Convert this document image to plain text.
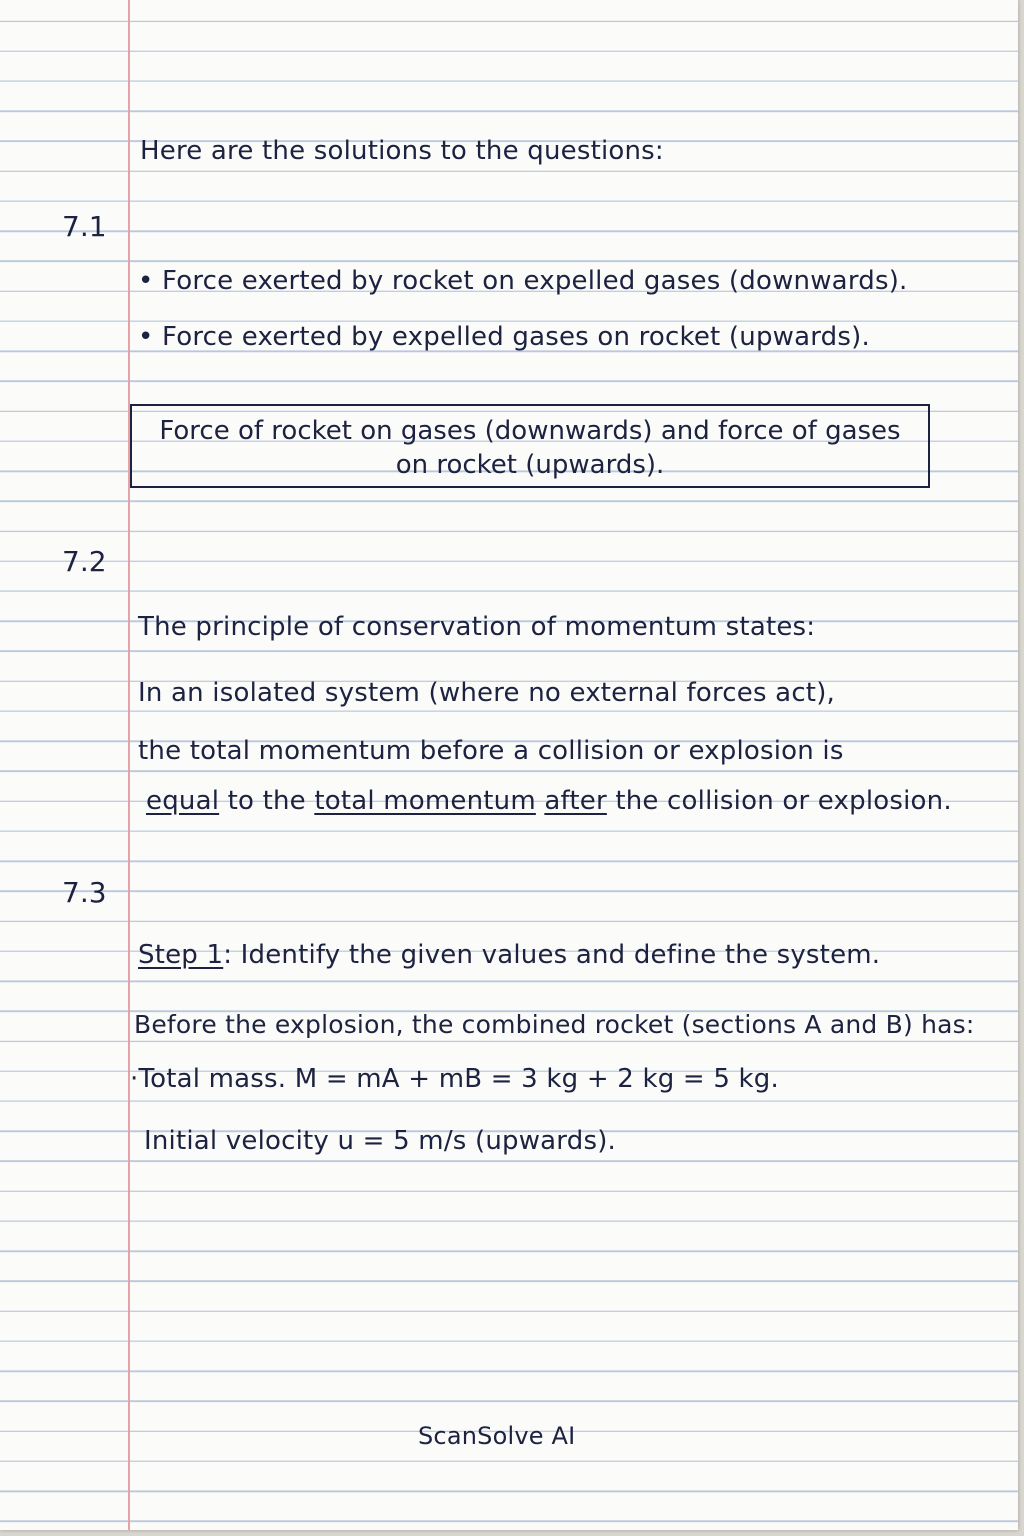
Here are the solutions to the questions:
7.1
• Force exerted by rocket on expelled gases (downwards).
• Force exerted by expelled gases on rocket (upwards).
Force of rocket on gases (downwards) and force of gases
on rocket (upwards).
7.2
The principle of conservation of momentum states:
In an isolated system (where no external forces act),
the total momentum before a collision or explosion is
equal to the total momentum after the collision or explosion.
7.3
Step 1: Identify the given values and define the system.
Before the explosion, the combined rocket (sections A and B) has:
·Total mass. M = mA + mB = 3 kg + 2 kg = 5 kg.
Initial velocity u = 5 m/s (upwards).
ScanSolve AI
